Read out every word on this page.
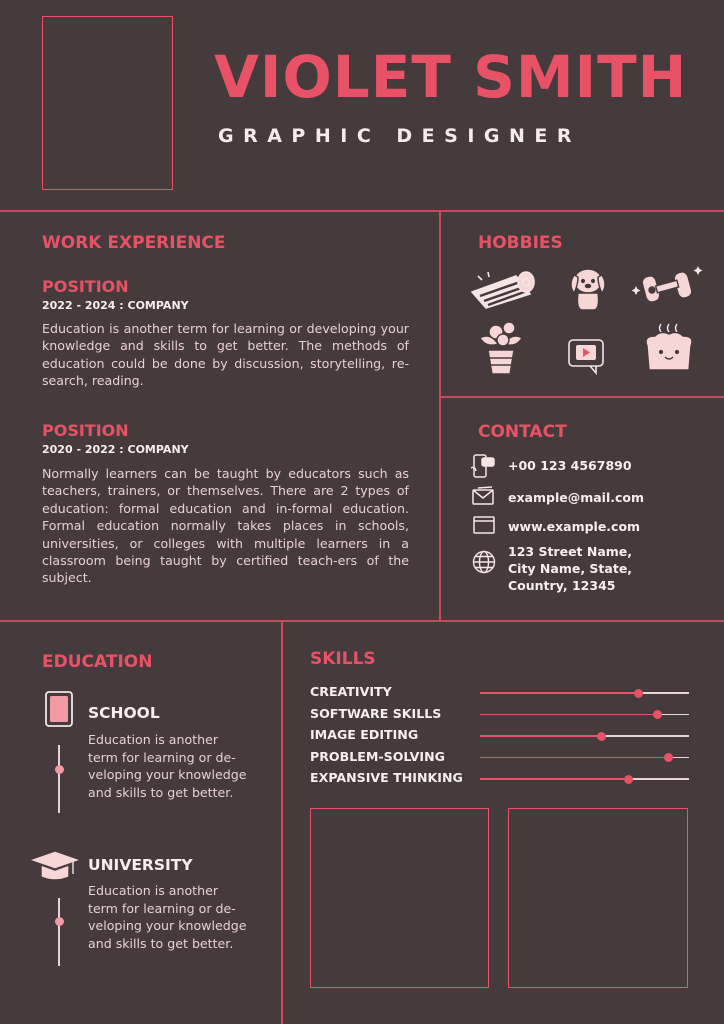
VIOLET SMITH
GRAPHIC DESIGNER
WORK EXPERIENCE
POSITION
2022 - 2024 : COMPANY
Education is another term for learning or developing your knowledge and skills to get better. The methods of education could be done by discussion, storytelling, re-search, reading.
POSITION
2020 - 2022 : COMPANY
Normally learners can be taught by educators such as teachers, trainers, or themselves. There are 2 types of education: formal education and in-formal education. Formal education normally takes places in schools, universities, or colleges with multiple learners in a classroom being taught by certified teach-ers of the subject.
HOBBIES
CONTACT
+00 123 4567890
example@mail.com
www.example.com
123 Street Name,
City Name, State,
Country, 12345
EDUCATION
SCHOOL
Education is another term for learning or de-veloping your knowledge and skills to get better.
UNIVERSITY
Education is another term for learning or de-veloping your knowledge and skills to get better.
SKILLS
CREATIVITY
SOFTWARE SKILLS
IMAGE EDITING
PROBLEM-SOLVING
EXPANSIVE THINKING
